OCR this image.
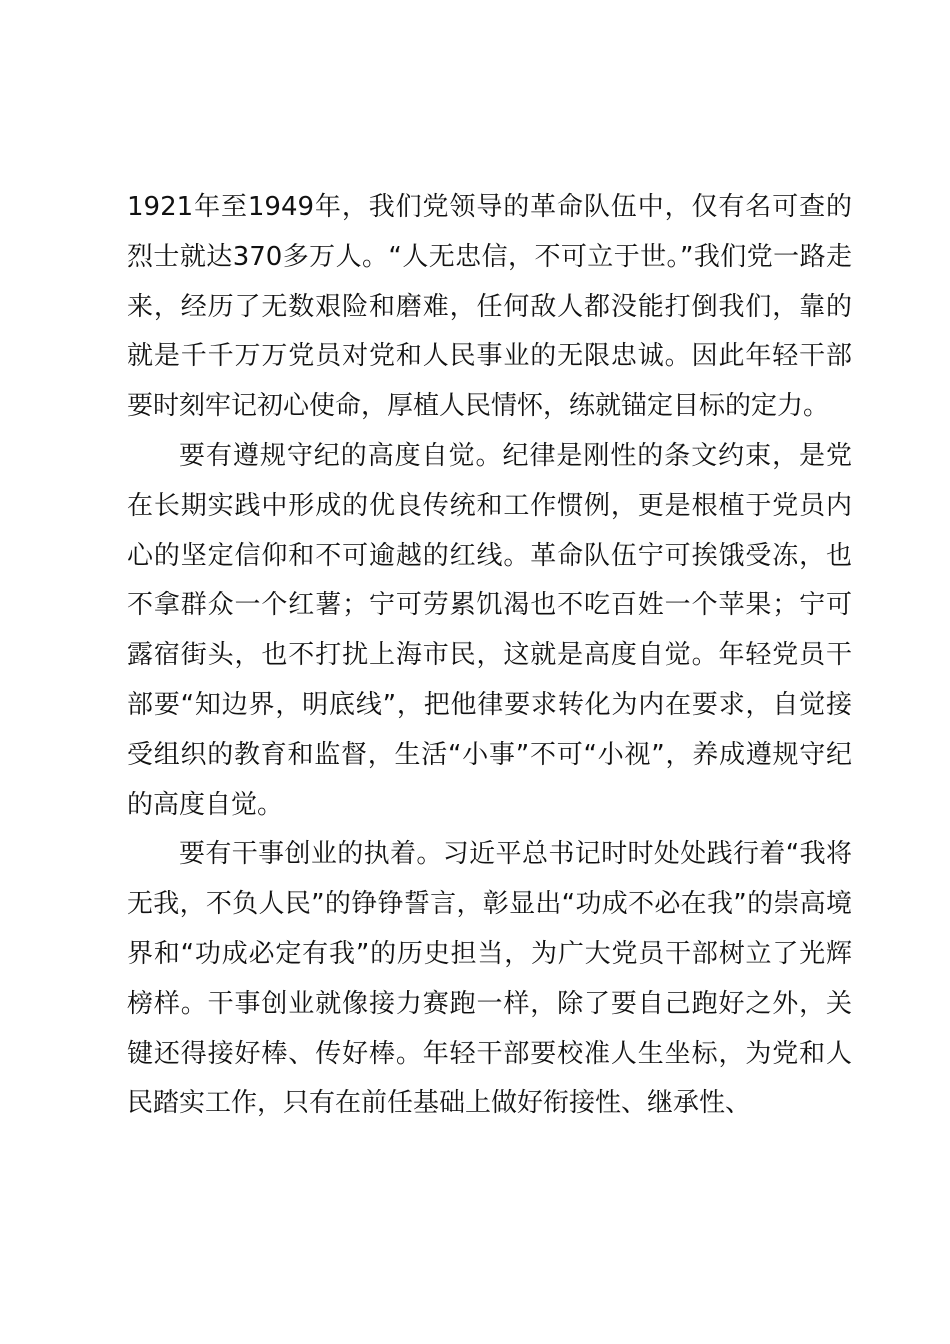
1921年至1949年，我们党领导的革命队伍中，仅有名可查的烈士就达370多万人。“人无忠信，不可立于世。”我们党一路走来，经历了无数艰险和磨难，任何敌人都没能打倒我们，靠的就是千千万万党员对党和人民事业的无限忠诚。因此年轻干部要时刻牢记初心使命，厚植人民情怀，练就锚定目标的定力。

要有遵规守纪的高度自觉。纪律是刚性的条文约束，是党在长期实践中形成的优良传统和工作惯例，更是根植于党员内心的坚定信仰和不可逾越的红线。革命队伍宁可挨饿受冻，也不拿群众一个红薯；宁可劳累饥渴也不吃百姓一个苹果；宁可露宿街头，也不打扰上海市民，这就是高度自觉。年轻党员干部要“知边界，明底线”，把他律要求转化为内在要求，自觉接受组织的教育和监督，生活“小事”不可“小视”，养成遵规守纪的高度自觉。

要有干事创业的执着。习近平总书记时时处处践行着“我将无我，不负人民”的铮铮誓言，彰显出“功成不必在我”的崇高境界和“功成必定有我”的历史担当，为广大党员干部树立了光辉榜样。干事创业就像接力赛跑一样，除了要自己跑好之外，关键还得接好棒、传好棒。年轻干部要校准人生坐标，为党和人民踏实工作，只有在前任基础上做好衔接性、继承性、
